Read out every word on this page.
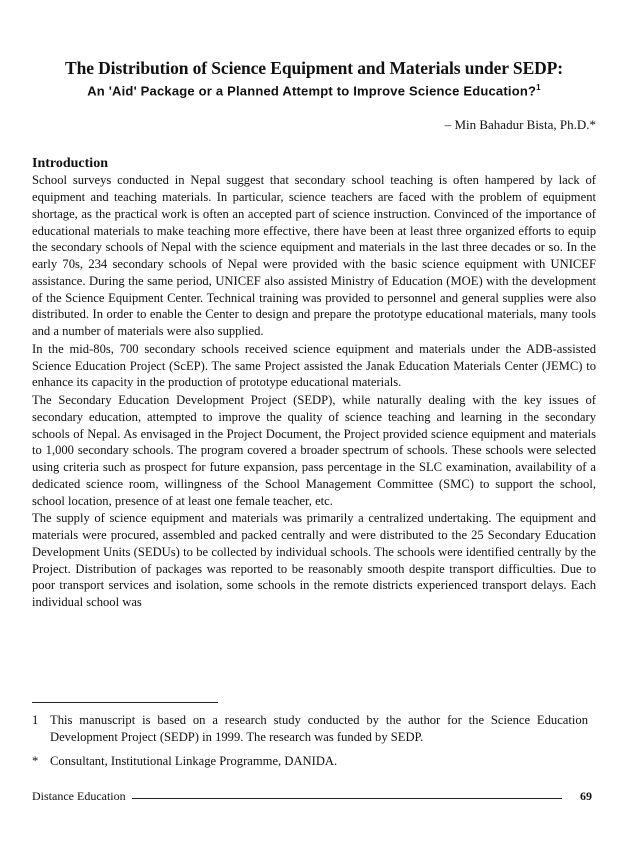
The Distribution of Science Equipment and Materials under SEDP:
An 'Aid' Package or a Planned Attempt to Improve Science Education?$^1$
– Min Bahadur Bista, Ph.D.*
Introduction

School surveys conducted in Nepal suggest that secondary school teaching is often hampered by lack of equipment and teaching materials. In particular, science teachers are faced with the problem of equipment shortage, as the practical work is often an accepted part of science instruction. Convinced of the importance of educational materials to make teaching more effective, there have been at least three organized efforts to equip the secondary schools of Nepal with the science equipment and materials in the last three decades or so. In the early 70s, 234 secondary schools of Nepal were provided with the basic science equipment with UNICEF assistance. During the same period, UNICEF also assisted Ministry of Education (MOE) with the development of the Science Equipment Center. Technical training was provided to personnel and general supplies were also distributed. In order to enable the Center to design and prepare the prototype educational materials, many tools and a number of materials were also supplied.

In the mid-80s, 700 secondary schools received science equipment and materials under the ADB-assisted Science Education Project (ScEP). The same Project assisted the Janak Education Materials Center (JEMC) to enhance its capacity in the production of prototype educational materials.

The Secondary Education Development Project (SEDP), while naturally dealing with the key issues of secondary education, attempted to improve the quality of science teaching and learning in the secondary schools of Nepal. As envisaged in the Project Document, the Project provided science equipment and materials to 1,000 secondary schools. The program covered a broader spectrum of schools. These schools were selected using criteria such as prospect for future expansion, pass percentage in the SLC examination, availability of a dedicated science room, willingness of the School Management Committee (SMC) to support the school, school location, presence of at least one female teacher, etc.

The supply of science equipment and materials was primarily a centralized undertaking. The equipment and materials were procured, assembled and packed centrally and were distributed to the 25 Secondary Education Development Units (SEDUs) to be collected by individual schools. The schools were identified centrally by the Project. Distribution of packages was reported to be reasonably smooth despite transport difficulties. Due to poor transport services and isolation, some schools in the remote districts experienced transport delays. Each individual school was

1 This manuscript is based on a research study conducted by the author for the Science Education Development Project (SEDP) in 1999. The research was funded by SEDP.
* Consultant, Institutional Linkage Programme, DANIDA.
Distance Education	69
